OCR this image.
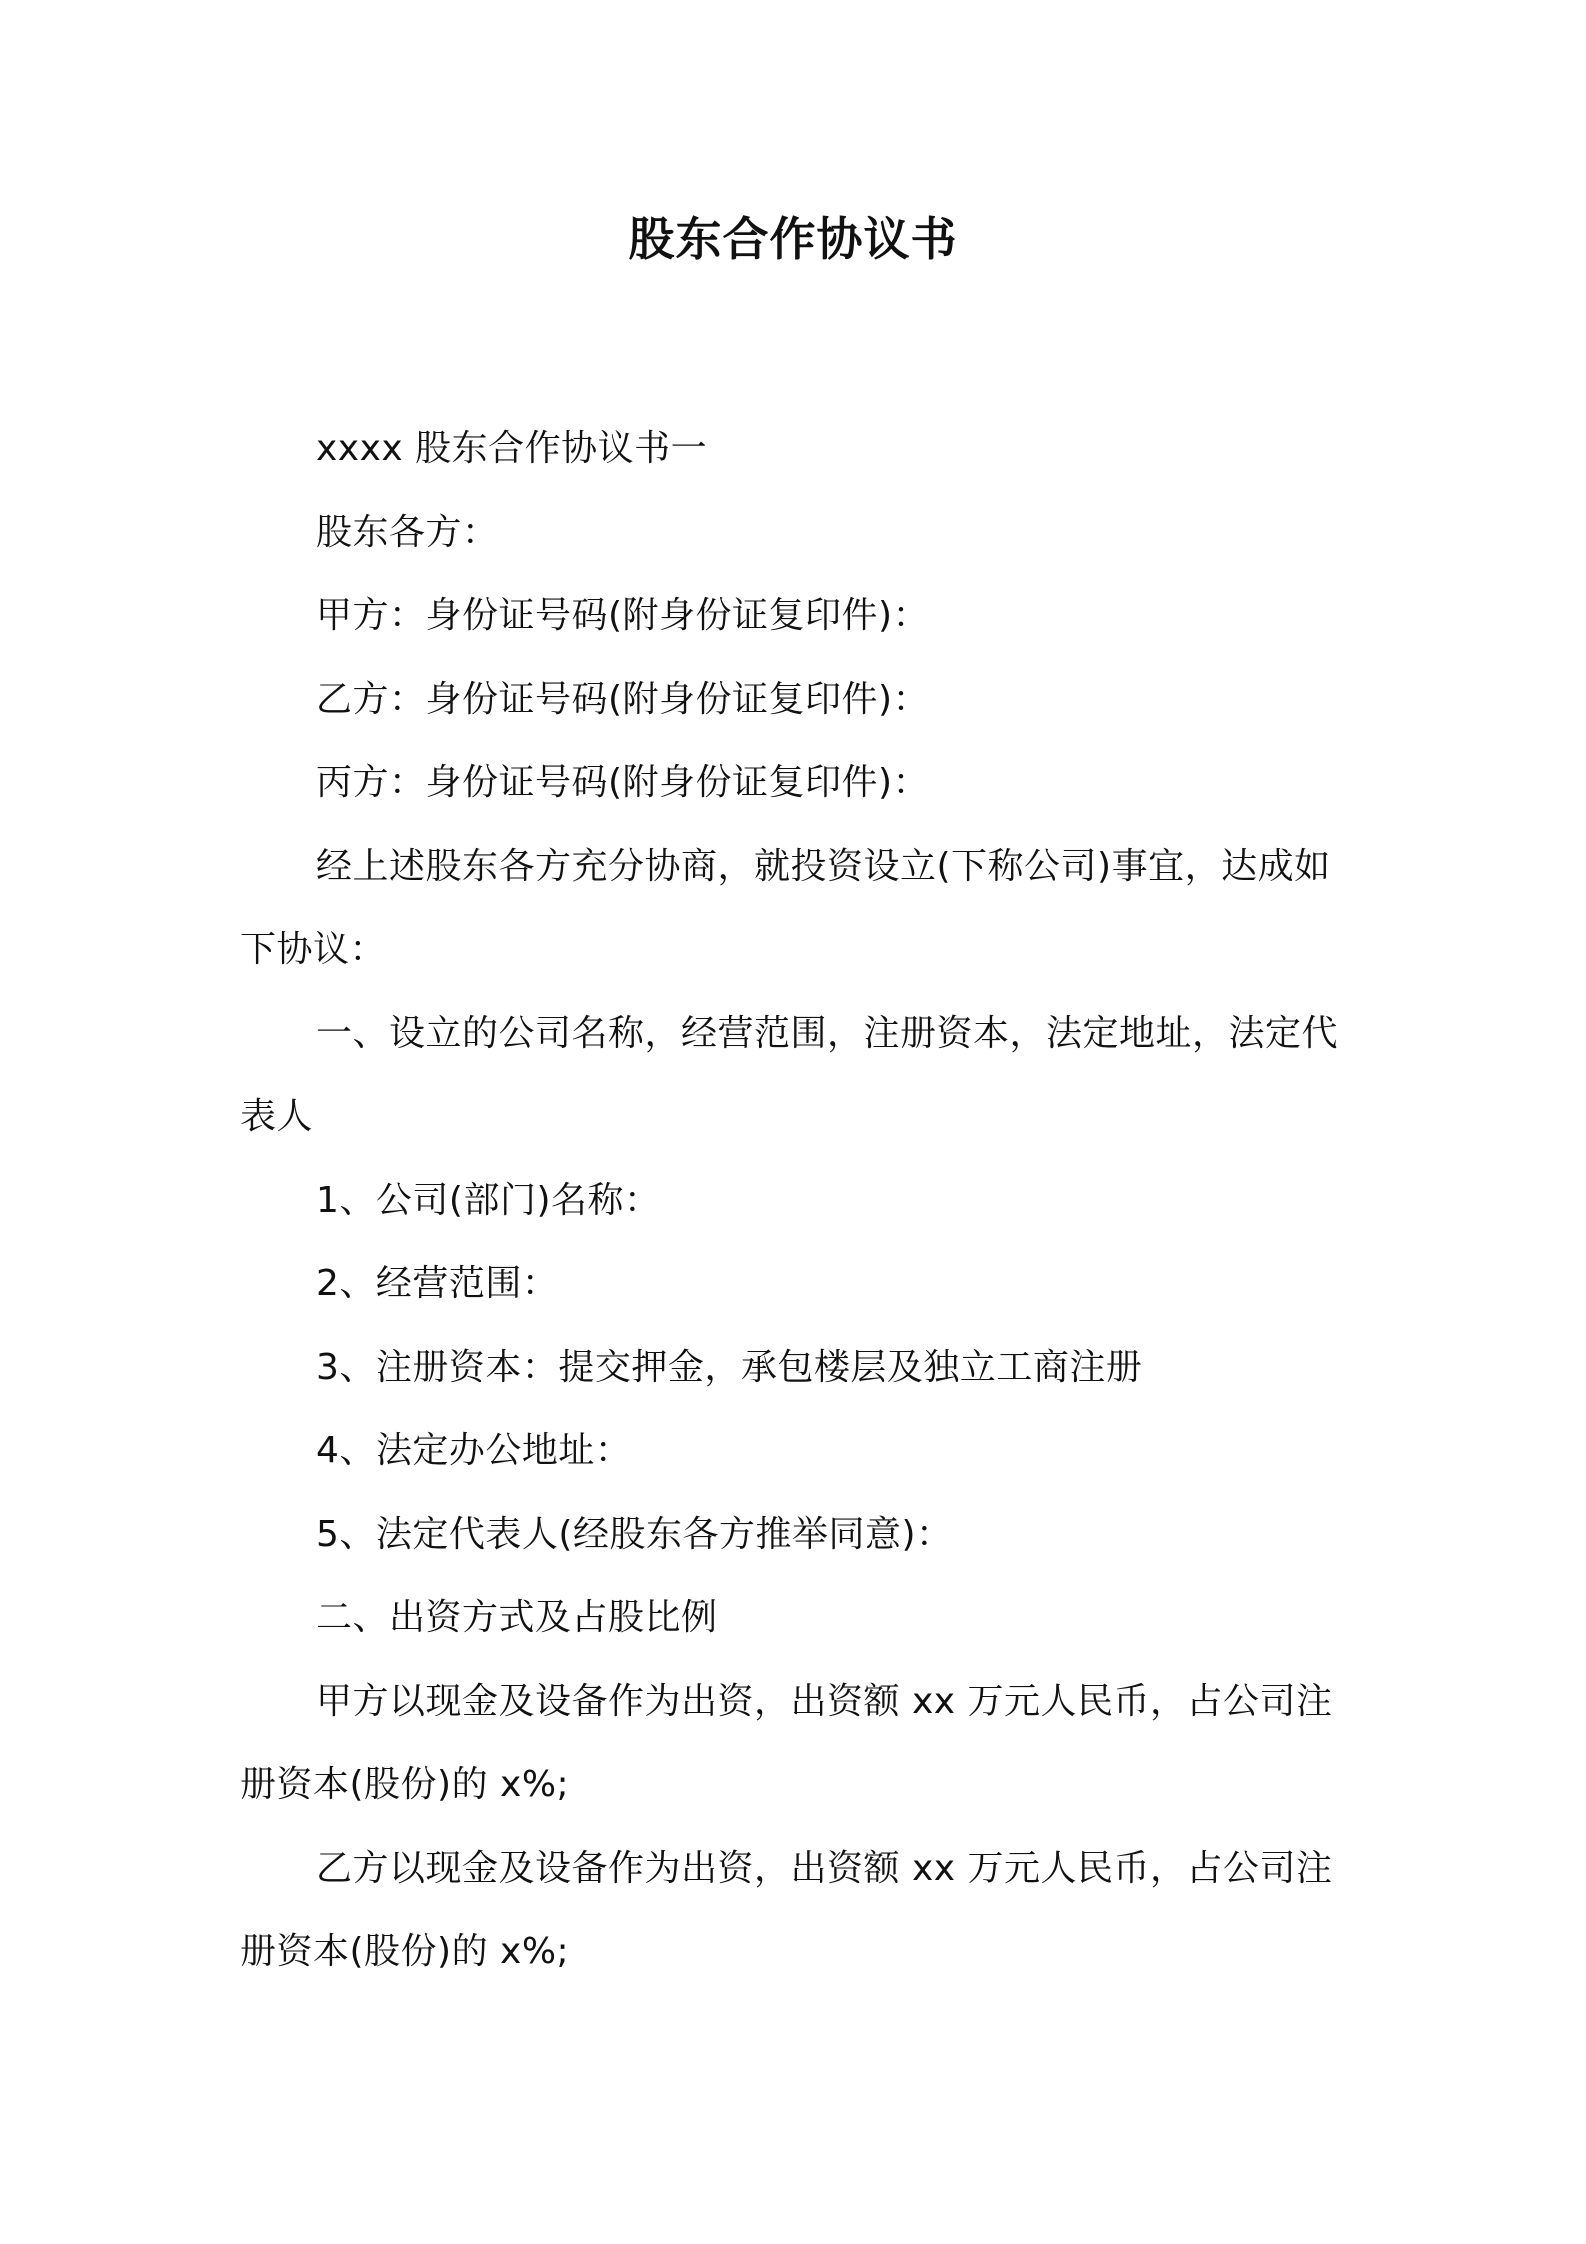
股东合作协议书

xxxx 股东合作协议书一

股东各方：

甲方：身份证号码(附身份证复印件)：

乙方：身份证号码(附身份证复印件)：

丙方：身份证号码(附身份证复印件)：

经上述股东各方充分协商，就投资设立(下称公司)事宜，达成如下协议：

一、设立的公司名称，经营范围，注册资本，法定地址，法定代表人

1、公司(部门)名称：

2、经营范围：

3、注册资本：提交押金，承包楼层及独立工商注册

4、法定办公地址：

5、法定代表人(经股东各方推举同意)：

二、出资方式及占股比例

甲方以现金及设备作为出资，出资额 xx 万元人民币，占公司注册资本(股份)的 x%;

乙方以现金及设备作为出资，出资额 xx 万元人民币，占公司注册资本(股份)的 x%;
